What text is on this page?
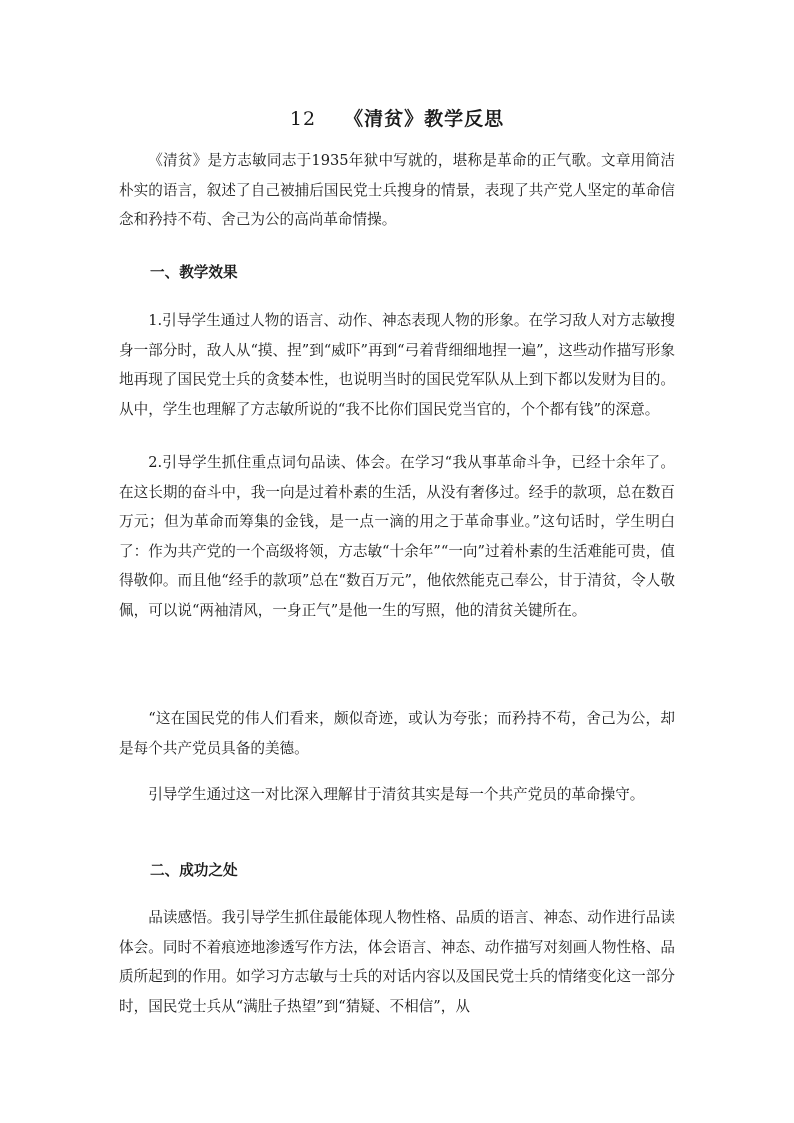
12 《清贫》教学反思

《清贫》是方志敏同志于1935年狱中写就的，堪称是革命的正气歌。文章用简洁朴实的语言，叙述了自己被捕后国民党士兵搜身的情景，表现了共产党人坚定的革命信念和矜持不苟、舍己为公的高尚革命情操。

一、教学效果

1.引导学生通过人物的语言、动作、神态表现人物的形象。在学习敌人对方志敏搜身一部分时，敌人从“摸、捏”到“威吓”再到“弓着背细细地捏一遍”，这些动作描写形象地再现了国民党士兵的贪婪本性，也说明当时的国民党军队从上到下都以发财为目的。从中，学生也理解了方志敏所说的“我不比你们国民党当官的，个个都有钱”的深意。

2.引导学生抓住重点词句品读、体会。在学习“我从事革命斗争，已经十余年了。在这长期的奋斗中，我一向是过着朴素的生活，从没有奢侈过。经手的款项，总在数百万元；但为革命而筹集的金钱，是一点一滴的用之于革命事业。”这句话时，学生明白了：作为共产党的一个高级将领，方志敏“十余年”“一向”过着朴素的生活难能可贵，值得敬仰。而且他“经手的款项”总在“数百万元”，他依然能克己奉公，甘于清贫，令人敬佩，可以说“两袖清风，一身正气”是他一生的写照，他的清贫关键所在。

“这在国民党的伟人们看来，颇似奇迹，或认为夸张；而矜持不苟，舍己为公，却是每个共产党员具备的美德。

引导学生通过这一对比深入理解甘于清贫其实是每一个共产党员的革命操守。

二、成功之处

品读感悟。我引导学生抓住最能体现人物性格、品质的语言、神态、动作进行品读体会。同时不着痕迹地渗透写作方法，体会语言、神态、动作描写对刻画人物性格、品质所起到的作用。如学习方志敏与士兵的对话内容以及国民党士兵的情绪变化这一部分时，国民党士兵从“满肚子热望”到“猜疑、不相信”，从
